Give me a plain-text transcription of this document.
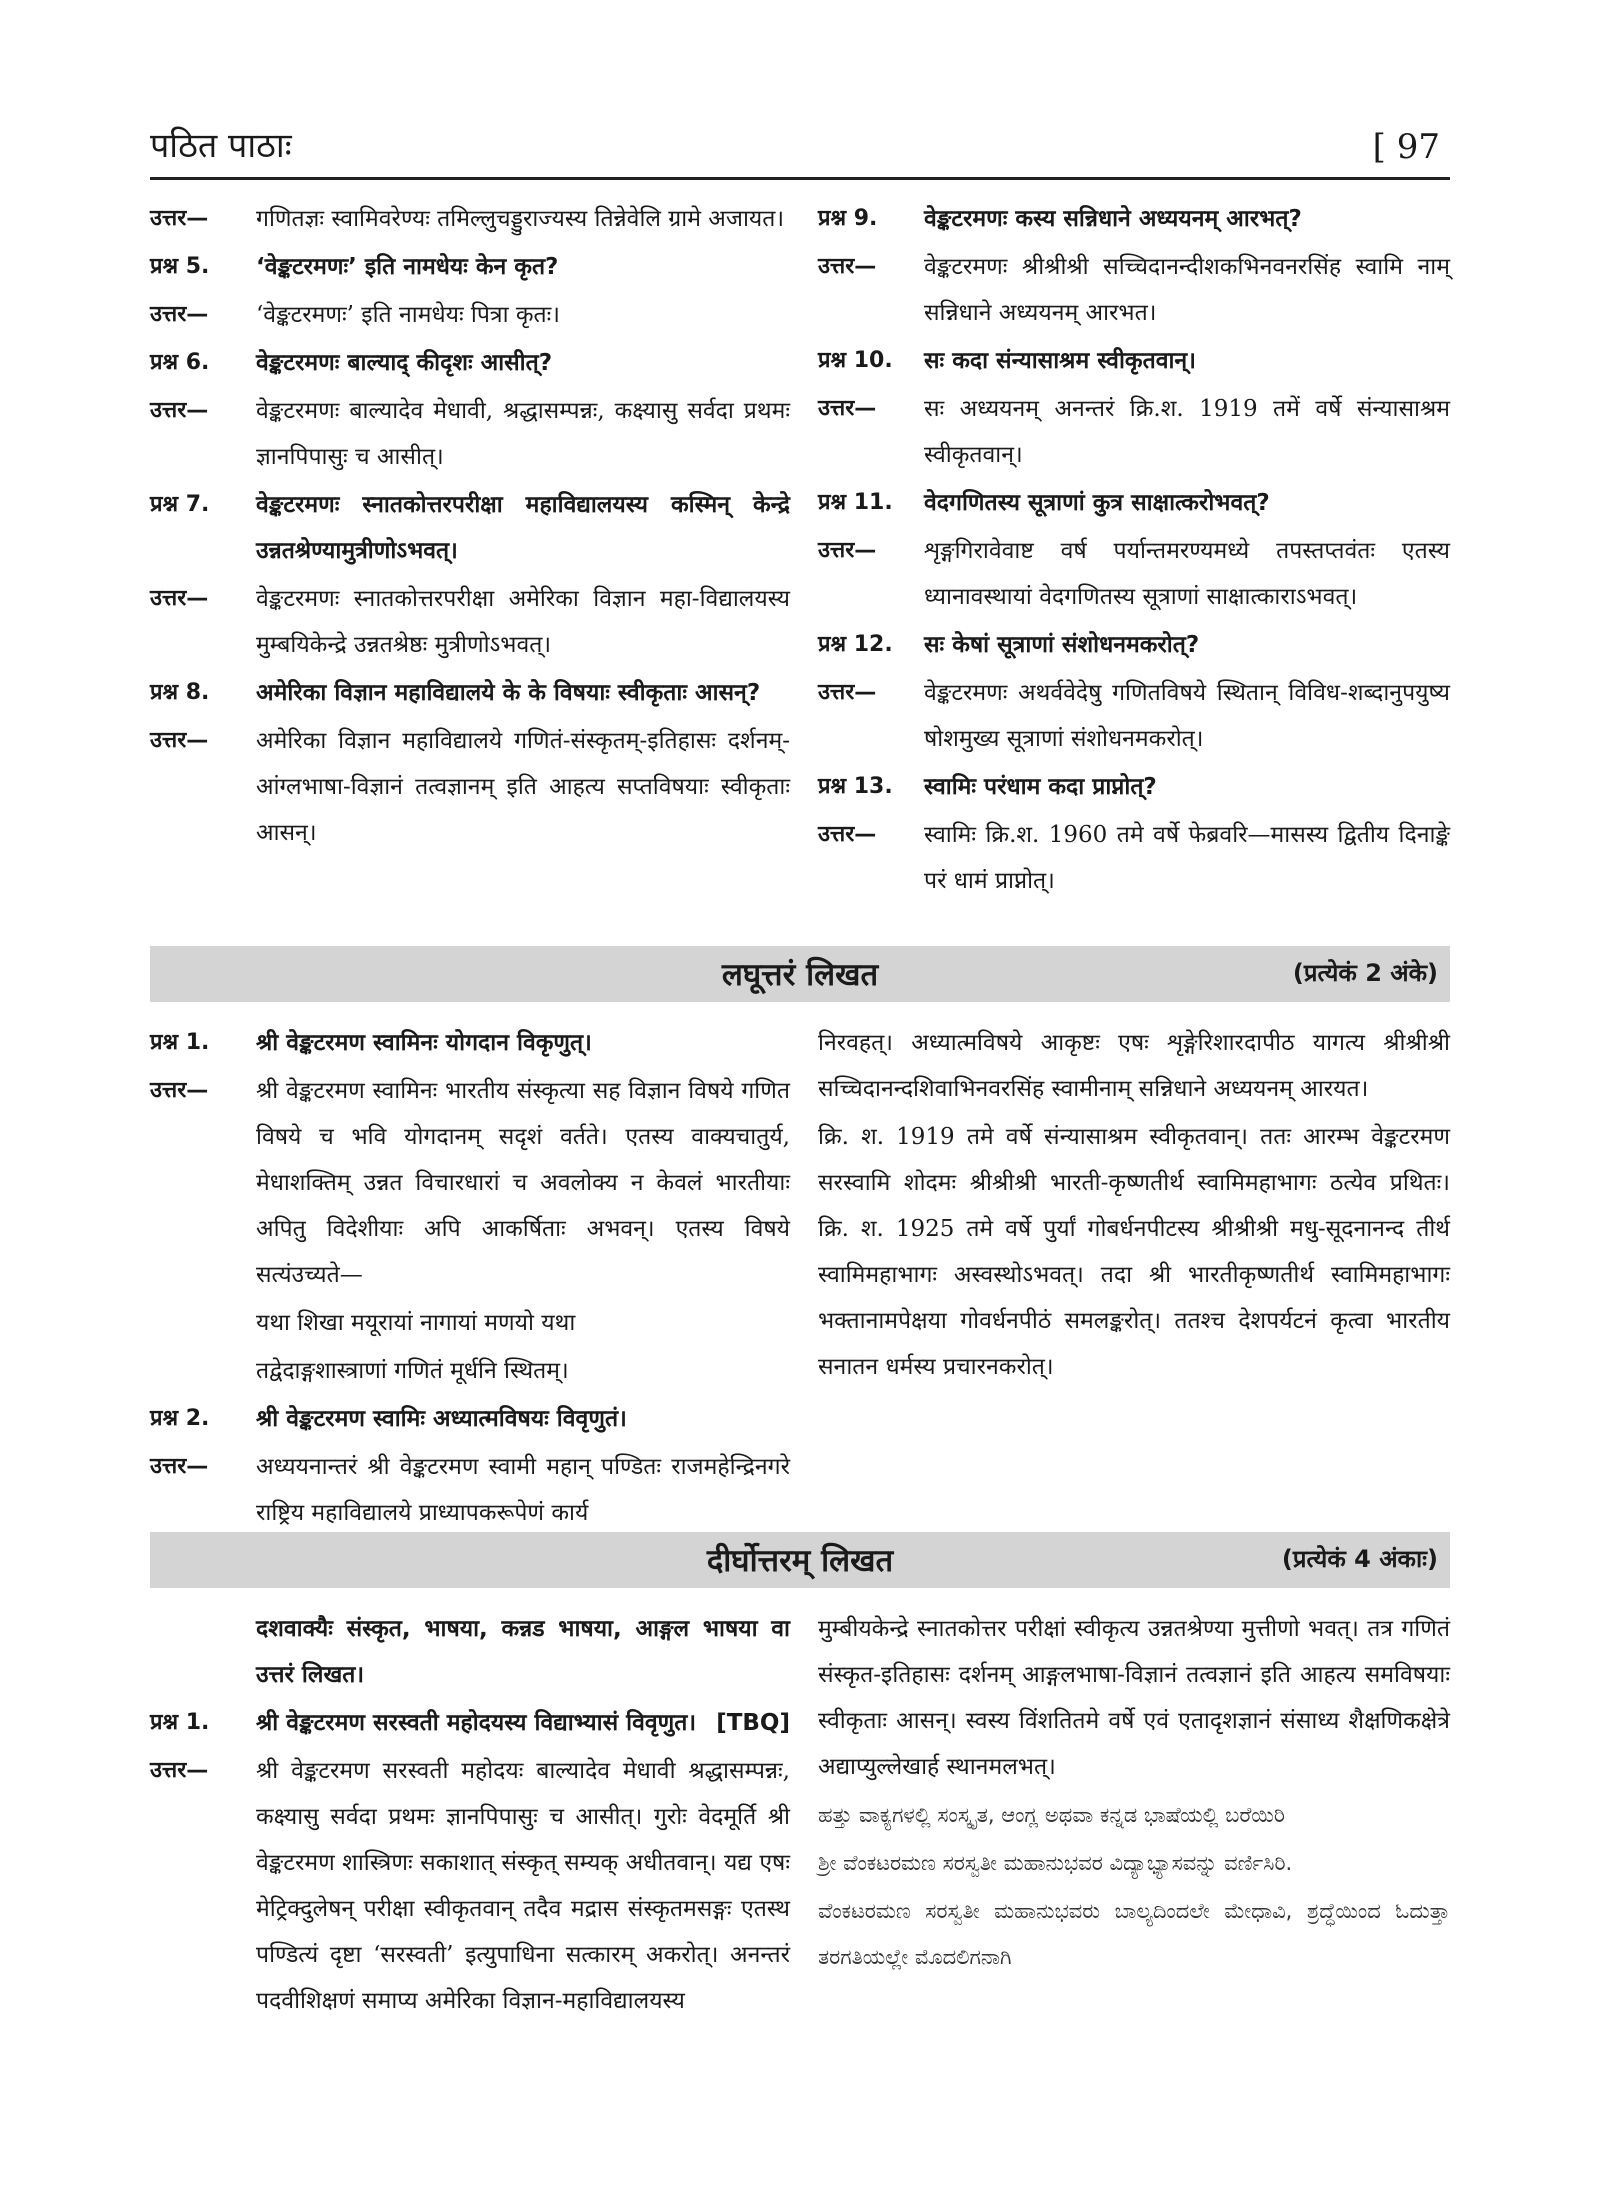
पठित पाठाः	[ 97
उत्तर—	गणितज्ञः स्वामिवरेण्यः तमिल्लुचड्डुराज्यस्य तिन्नेवेलि ग्रामे अजायत।
प्रश्न 5.	‘वेङ्कटरमणः’ इति नामधेयः केन कृत?
उत्तर—	‘वेङ्कटरमणः’ इति नामधेयः पित्रा कृतः।
प्रश्न 6.	वेङ्कटरमणः बाल्याद् कीदृशः आसीत्?
उत्तर—	वेङ्कटरमणः बाल्यादेव मेधावी, श्रद्धासम्पन्नः, कक्ष्यासु सर्वदा प्रथमः ज्ञानपिपासुः च आसीत्।
प्रश्न 7.	वेङ्कटरमणः स्नातकोत्तरपरीक्षा महाविद्यालयस्य कस्मिन् केन्द्रे उन्नतश्रेण्यामुत्रीणोऽभवत्।
उत्तर—	वेङ्कटरमणः स्नातकोत्तरपरीक्षा अमेरिका विज्ञान महा-विद्यालयस्य मुम्बयिकेन्द्रे उन्नतश्रेष्ठः मुत्रीणोऽभवत्।
प्रश्न 8.	अमेरिका विज्ञान महाविद्यालये के के विषयाः स्वीकृताः आसन्?
उत्तर—	अमेरिका विज्ञान महाविद्यालये गणितं-संस्कृतम्-इतिहासः दर्शनम्-आंग्लभाषा-विज्ञानं तत्वज्ञानम् इति आहत्य सप्तविषयाः स्वीकृताः आसन्।
प्रश्न 9.	वेङ्कटरमणः कस्य सन्निधाने अध्ययनम् आरभत्?
उत्तर—	वेङ्कटरमणः श्रीश्रीश्री सच्चिदानन्दीशकभिनवनरसिंह स्वामि नाम् सन्निधाने अध्ययनम् आरभत।
प्रश्न 10.	सः कदा संन्यासाश्रम स्वीकृतवान्।
उत्तर—	सः अध्ययनम् अनन्तरं क्रि.श. 1919 तमें वर्षे संन्यासाश्रम स्वीकृतवान्।
प्रश्न 11.	वेदगणितस्य सूत्राणां कुत्र साक्षात्करोभवत्?
उत्तर—	शृङ्गगिरावेवाष्ट वर्ष पर्यान्तमरण्यमध्ये तपस्तप्तवंतः एतस्य ध्यानावस्थायां वेदगणितस्य सूत्राणां साक्षात्काराऽभवत्।
प्रश्न 12.	सः केषां सूत्राणां संशोधनमकरोत्?
उत्तर—	वेङ्कटरमणः अथर्ववेदेषु गणितविषये स्थितान् विविध-शब्दानुपयुष्य षोशमुख्य सूत्राणां संशोधनमकरोत्।
प्रश्न 13.	स्वामिः परंधाम कदा प्राप्नोत्?
उत्तर—	स्वामिः क्रि.श. 1960 तमे वर्षे फेब्रवरि—मासस्य द्वितीय दिनाङ्के परं धामं प्राप्नोत्।
लघूत्तरं लिखत	(प्रत्येकं 2 अंके)
प्रश्न 1.	श्री वेङ्कटरमण स्वामिनः योगदान विकृणुत्।
उत्तर—	श्री वेङ्कटरमण स्वामिनः भारतीय संस्कृत्या सह विज्ञान विषये गणित विषये च भवि योगदानम् सदृशं वर्तते। एतस्य वाक्यचातुर्य, मेधाशक्तिम् उन्नत विचारधारां च अवलोक्य न केवलं भारतीयाः अपितु विदेशीयाः अपि आकर्षिताः अभवन्। एतस्य विषये सत्यंउच्यते—
यथा शिखा मयूरायां नागायां मणयो यथा
तद्वेदाङ्गशास्त्राणां गणितं मूर्धनि स्थितम्।
प्रश्न 2.	श्री वेङ्कटरमण स्वामिः अध्यात्मविषयः विवृणुतं।
उत्तर—	अध्ययनान्तरं श्री वेङ्कटरमण स्वामी महान् पण्डितः राजमहेन्द्रिनगरे राष्ट्रिय महाविद्यालये प्राध्यापकरूपेणं कार्य
निरवहत्। अध्यात्मविषये आकृष्टः एषः शृङ्गेरिशारदापीठ यागत्य श्रीश्रीश्री सच्चिदानन्दशिवाभिनवरसिंह स्वामीनाम् सन्निधाने अध्ययनम् आरयत।
क्रि. श. 1919 तमे वर्षे संन्यासाश्रम स्वीकृतवान्। ततः आरम्भ वेङ्कटरमण सरस्वामि शोदमः श्रीश्रीश्री भारती-कृष्णतीर्थ स्वामिमहाभागः ठत्येव प्रथितः। क्रि. श. 1925 तमे वर्षे पुर्यां गोबर्धनपीटस्य श्रीश्रीश्री मधु-सूदनानन्द तीर्थ स्वामिमहाभागः अस्वस्थोऽभवत्। तदा श्री भारतीकृष्णतीर्थ स्वामिमहाभागः भक्तानामपेक्षया गोवर्धनपीठं समलङ्करोत्। ततश्च देशपर्यटनं कृत्वा भारतीय सनातन धर्मस्य प्रचारनकरोत्।
दीर्घोत्तरम् लिखत	(प्रत्येकं 4 अंकाः)
दशवाक्यैः संस्कृत, भाषया, कन्नड भाषया, आङ्गल भाषया वा उत्तरं लिखत।
प्रश्न 1.	श्री वेङ्कटरमण सरस्वती महोदयस्य विद्याभ्यासं विवृणुत। [TBQ]
उत्तर—	श्री वेङ्कटरमण सरस्वती महोदयः बाल्यादेव मेधावी श्रद्धासम्पन्नः, कक्ष्यासु सर्वदा प्रथमः ज्ञानपिपासुः च आसीत्। गुरोः वेदमूर्ति श्री वेङ्कटरमण शास्त्रिणः सकाशात् संस्कृत् सम्यक् अधीतवान्। यद्य एषः मेट्रिक्दुलेषन् परीक्षा स्वीकृतवान् तदैव मद्रास संस्कृतमसङ्गः एतस्थ पण्डित्यं दृष्टा ‘सरस्वती’ इत्युपाधिना सत्कारम् अकरोत्। अनन्तरं पदवीशिक्षणं समाप्य अमेरिका विज्ञान-महाविद्यालयस्य
मुम्बीयकेन्द्रे स्नातकोत्तर परीक्षां स्वीकृत्य उन्नतश्रेण्या मुत्तीणो भवत्। तत्र गणितं संस्कृत-इतिहासः दर्शनम् आङ्गलभाषा-विज्ञानं तत्वज्ञानं इति आहत्य समविषयाः स्वीकृताः आसन्। स्वस्य विंशतितमे वर्षे एवं एतादृशज्ञानं संसाध्य शैक्षणिकक्षेत्रे अद्याप्युल्लेखार्ह स्थानमलभत्।
ಹತ್ತು ವಾಕ್ಯಗಳಲ್ಲಿ ಸಂಸ್ಕೃತ, ಆಂಗ್ಲ ಅಥವಾ ಕನ್ನಡ ಭಾಷೆಯಲ್ಲಿ ಬರೆಯಿರಿ
ಶ್ರೀ ವೆಂಕಟರಮಣ ಸರಸ್ವತೀ ಮಹಾನುಭವರ ವಿದ್ಯಾಭ್ಯಾಸವನ್ನು ವರ್ಣಿಸಿರಿ.
ವೆಂಕಟರಮಣ ಸರಸ್ವತೀ ಮಹಾನುಭವರು ಬಾಲ್ಯದಿಂದಲೇ ಮೇಧಾವಿ, ಶ್ರದ್ಧೆಯಿಂದ ಓದುತ್ತಾ ತರಗತಿಯಲ್ಲೇ ಮೊದಲಿಗನಾಗಿ
